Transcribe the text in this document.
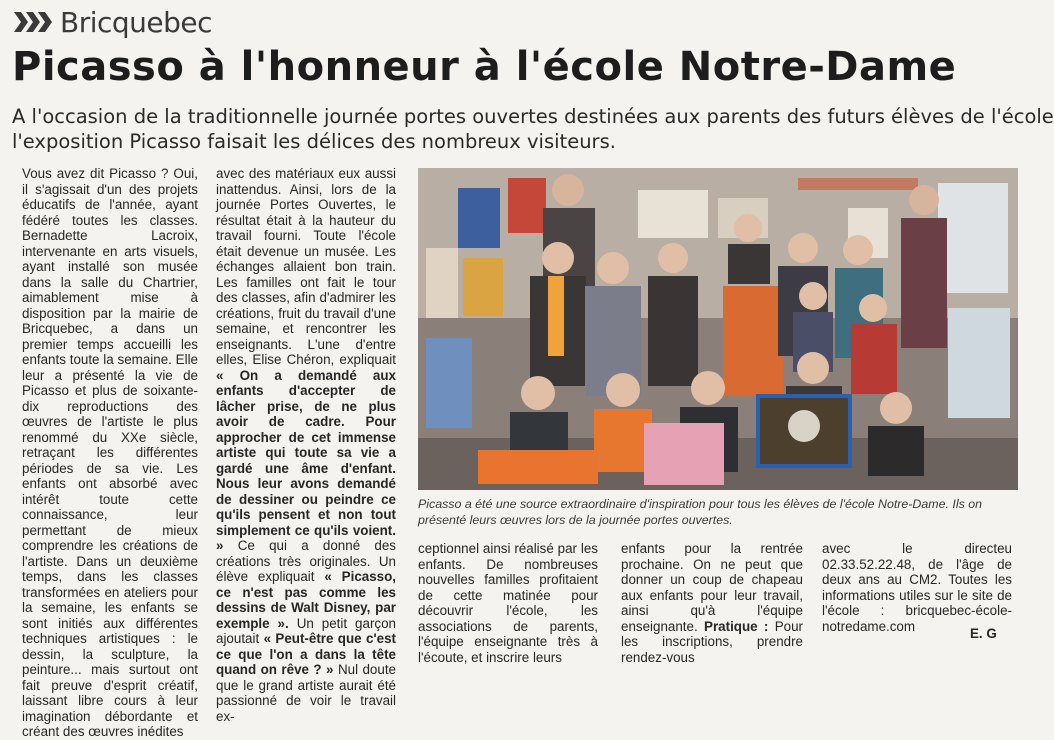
Bricquebec
Picasso à l'honneur à l'école Notre-Dame
A l'occasion de la traditionnelle journée portes ouvertes destinées aux parents des futurs élèves de l'école
l'exposition Picasso faisait les délices des nombreux visiteurs.
Vous avez dit Picasso ? Oui, il s'agissait d'un des projets éducatifs de l'année, ayant fédéré toutes les classes. Bernadette Lacroix, intervenante en arts visuels, ayant installé son musée dans la salle du Chartrier, aimablement mise à disposition par la mairie de Bricquebec, a dans un premier temps accueilli les enfants toute la semaine. Elle leur a présenté la vie de Picasso et plus de soixante-dix reproductions des œuvres de l'artiste le plus renommé du XXe siècle, retraçant les différentes périodes de sa vie. Les enfants ont absorbé avec intérêt toute cette connaissance, leur permettant de mieux comprendre les créations de l'artiste. Dans un deuxième temps, dans les classes transformées en ateliers pour la semaine, les enfants se sont initiés aux différentes techniques artistiques : le dessin, la sculpture, la peinture... mais surtout ont fait preuve d'esprit créatif, laissant libre cours à leur imagination débordante et créant des œuvres inédites
avec des matériaux eux aussi inattendus. Ainsi, lors de la journée Portes Ouvertes, le résultat était à la hauteur du travail fourni. Toute l'école était devenue un musée. Les échanges allaient bon train. Les familles ont fait le tour des classes, afin d'admirer les créations, fruit du travail d'une semaine, et rencontrer les enseignants. L'une d'entre elles, Elise Chéron, expliquait « On a demandé aux enfants d'accepter de lâcher prise, de ne plus avoir de cadre. Pour approcher de cet immense artiste qui toute sa vie a gardé une âme d'enfant. Nous leur avons demandé de dessiner ou peindre ce qu'ils pensent et non tout simplement ce qu'ils voient. » Ce qui a donné des créations très originales. Un élève expliquait « Picasso, ce n'est pas comme les dessins de Walt Disney, par exemple ». Un petit garçon ajoutait « Peut-être que c'est ce que l'on a dans la tête quand on rêve ? » Nul doute que le grand artiste aurait été passionné de voir le travail ex-
Picasso a été une source extraordinaire d'inspiration pour tous les élèves de l'école Notre-Dame. Ils on
présenté leurs œuvres lors de la journée portes ouvertes.
ceptionnel ainsi réalisé par les enfants. De nombreuses nouvelles familles profitaient de cette matinée pour découvrir l'école, les associations de parents, l'équipe enseignante très à l'écoute, et inscrire leurs
enfants pour la rentrée prochaine. On ne peut que donner un coup de chapeau aux enfants pour leur travail, ainsi qu'à l'équipe enseignante. Pratique : Pour les inscriptions, prendre rendez-vous
avec le directeu 02.33.52.22.48, de l'âge de deux ans au CM2. Toutes les informations utiles sur le site de l'école : bricquebec-école-notredame.com	E. G
